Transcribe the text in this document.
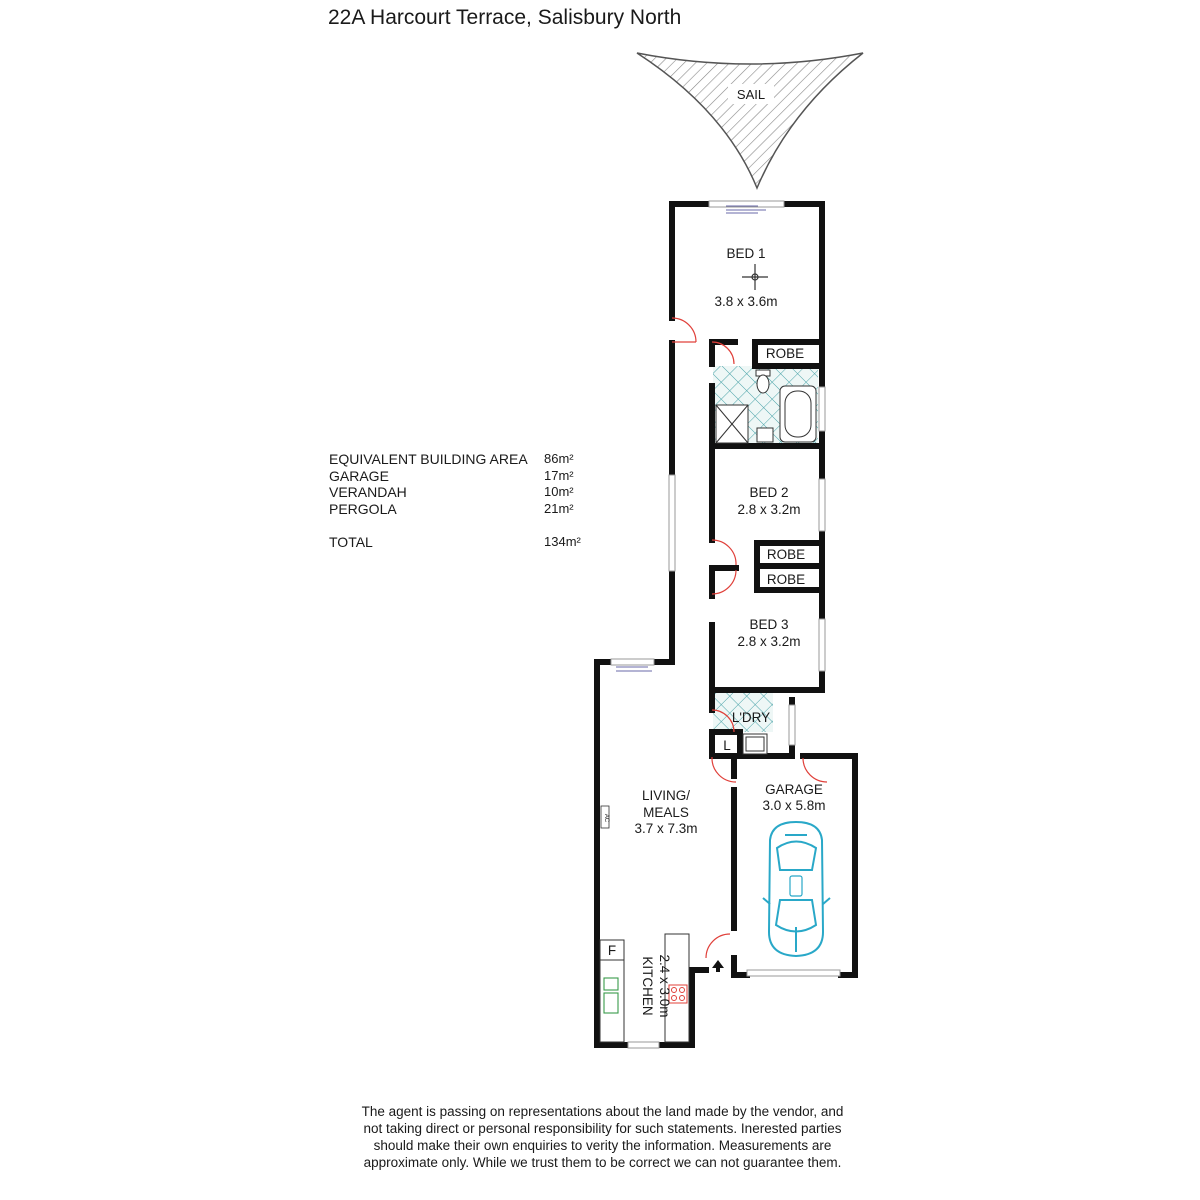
22A Harcourt Terrace, Salisbury North
EQUIVALENT BUILDING AREA 86m²
GARAGE	17m²
VERANDAH	10m²
PERGOLA	21m²
TOTAL	134m²
SAIL
AC
BED 1
3.8 x 3.6m
ROBE
BED 2
2.8 x 3.2m
ROBE
ROBE
BED 3
2.8 x 3.2m
L'DRY
L
GARAGE
3.0 x 5.8m
LIVING/
MEALS
3.7 x 7.3m
F
KITCHEN 2.4 x 3.0m
The agent is passing on representations about the land made by the vendor, and
not taking direct or personal responsibility for such statements. Inerested parties
should make their own enquiries to verity the information. Measurements are
approximate only. While we trust them to be correct we can not guarantee them.
